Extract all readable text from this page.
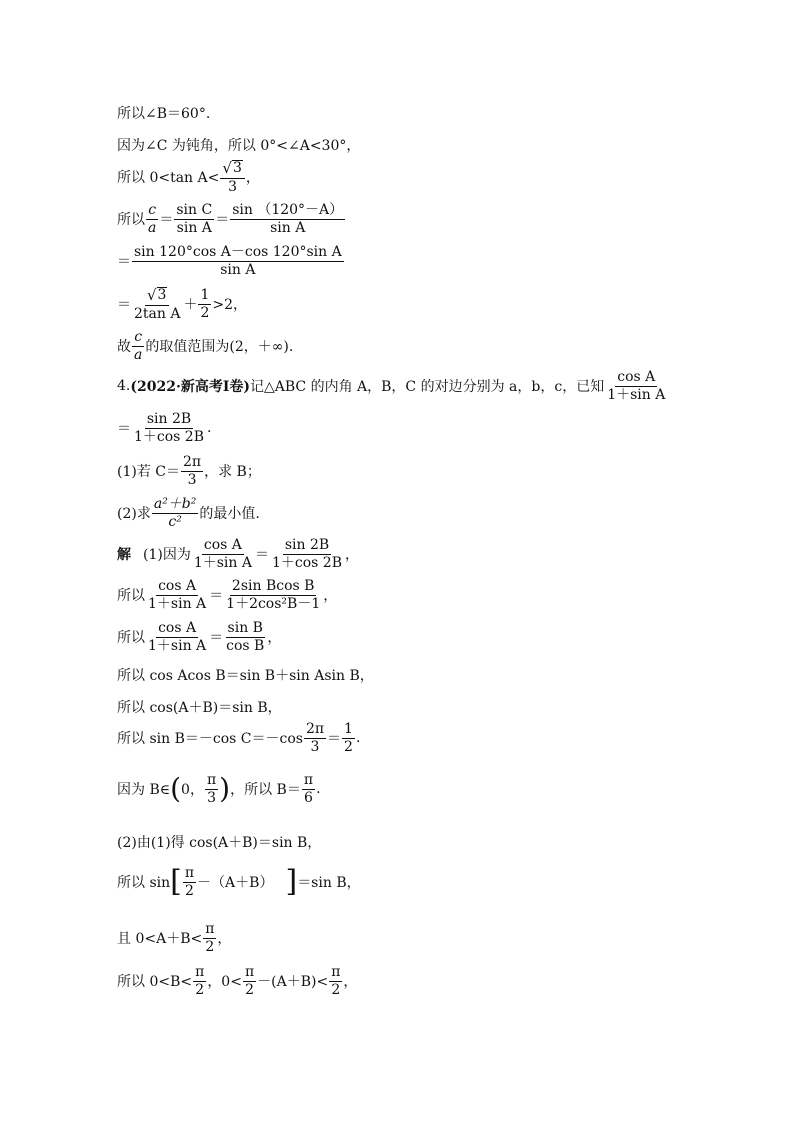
所以∠B＝60°.
因为∠C 为钝角，所以 0°<∠A<30°，
所以 0<tan $A< \frac{√ 3}{3}$ ，
所以 $\frac{c}{a} = \frac{\text{sin C}}{\text{sin A}} = \frac{\sin (120^\circ-A)}{\text{sin A}}$
＝ $\frac{\text{sin 120°cos A－cos 120°sin A}}{\text{sin A}}$
＝ $\frac{√ 3}{\text{2tan A}} + \frac{1}{2} >2$，
故 $\frac{c}{a}$ 的取值范围为(2，＋∞).
4. (2022·新高考Ⅰ卷) 记△ABC 的内角 A，B，C 的对边分别为 a，b，c，已知 $\frac{\text{cos A}}{\text{1＋sin A}}$
＝ $\frac{\sin 2B}{1+\cos 2B}$ .
(1)若 $C= \frac{2\pi}{3}$ ，求 B；
(2)求 $\frac{\text{a²＋b²}}{\text{c²}}$ 的最小值.
解 (1)因为 $\frac{\text{cos A}}{\text{1＋sin A}} = \frac{\sin 2B}{1+\cos 2B}$ ，
所以 $\frac{\text{cos A}}{\text{1＋sin A}} = \frac{\text{2sin Bcos B}}{\text{1＋2cos²B－1}}$ ，
所以 $\frac{\text{cos A}}{\text{1＋sin A}} = \frac{\text{sin B}}{\text{cos B}}$ ，
所以 cos Acos B＝sin B＋sin Asin B，
所以 cos(A＋B)＝sin B，
所以 sin B＝－cos $C=-\cos \frac{2\pi}{3} = \frac{1}{2}$ .
因为 B∈ ( 0， $\frac{\pi}{3}$ ) ，所以 $B= \frac{\pi}{6}$ .
(2)由(1)得 cos(A＋B)＝sin B，
所以 sin [ $\frac{\pi}{2} -(A+B)$ ] ＝sin B，
且 $0<A+B< \frac{\pi}{2}$ ，
所以 $0<B< \frac{\pi}{2}$ ，$0< \frac{\pi}{2} -(A+B)< \frac{\pi}{2}$ ，
